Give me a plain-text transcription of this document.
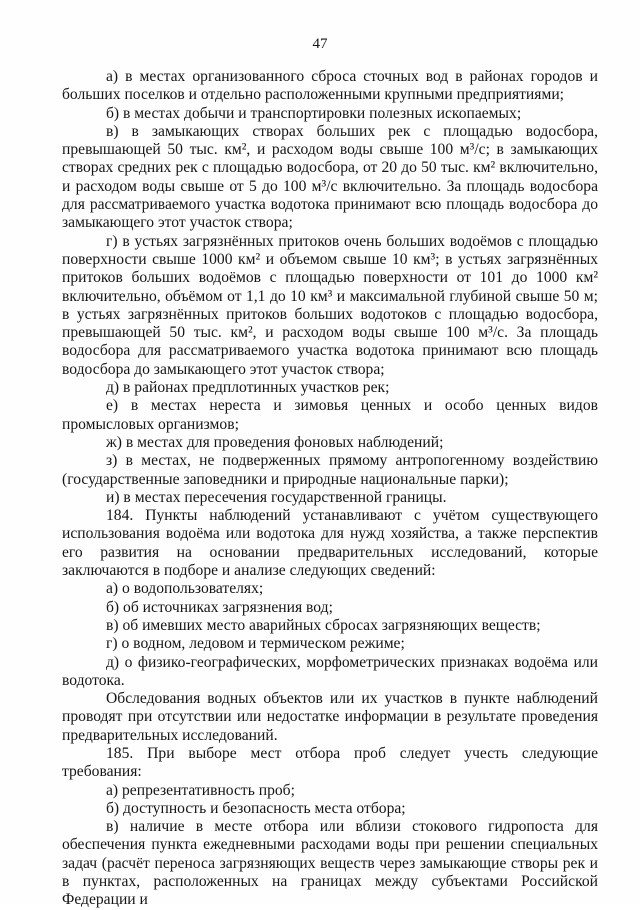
47

а) в местах организованного сброса сточных вод в районах городов и больших поселков и отдельно расположенными крупными предприятиями;

б) в местах добычи и транспортировки полезных ископаемых;

в) в замыкающих створах больших рек с площадью водосбора, превышающей 50 тыс. км², и расходом воды свыше 100 м³/с; в замыкающих створах средних рек с площадью водосбора, от 20 до 50 тыс. км² включительно, и расходом воды свыше от 5 до 100 м³/с включительно. За площадь водосбора для рассматриваемого участка водотока принимают всю площадь водосбора до замыкающего этот участок створа;

г) в устьях загрязнённых притоков очень больших водоёмов с площадью поверхности свыше 1000 км² и объемом свыше 10 км³; в устьях загрязнённых притоков больших водоёмов с площадью поверхности от 101 до 1000 км² включительно, объёмом от 1,1 до 10 км³ и максимальной глубиной свыше 50 м; в устьях загрязнённых притоков больших водотоков с площадью водосбора, превышающей 50 тыс. км², и расходом воды свыше 100 м³/с. За площадь водосбора для рассматриваемого участка водотока принимают всю площадь водосбора до замыкающего этот участок створа;

д) в районах предплотинных участков рек;

е) в местах нереста и зимовья ценных и особо ценных видов промысловых организмов;

ж) в местах для проведения фоновых наблюдений;

з) в местах, не подверженных прямому антропогенному воздействию (государственные заповедники и природные национальные парки);

и) в местах пересечения государственной границы.

184. Пункты наблюдений устанавливают с учётом существующего использования водоёма или водотока для нужд хозяйства, а также перспектив его развития на основании предварительных исследований, которые заключаются в подборе и анализе следующих сведений:

а) о водопользователях;

б) об источниках загрязнения вод;

в) об имевших место аварийных сбросах загрязняющих веществ;

г) о водном, ледовом и термическом режиме;

д) о физико-географических, морфометрических признаках водоёма или водотока.

Обследования водных объектов или их участков в пункте наблюдений проводят при отсутствии или недостатке информации в результате проведения предварительных исследований.

185. При выборе мест отбора проб следует учесть следующие требования:

а) репрезентативность проб;

б) доступность и безопасность места отбора;

в) наличие в месте отбора или вблизи стокового гидропоста для обеспечения пункта ежедневными расходами воды при решении специальных задач (расчёт переноса загрязняющих веществ через замыкающие створы рек и в пунктах, расположенных на границах между субъектами Российской Федерации и
